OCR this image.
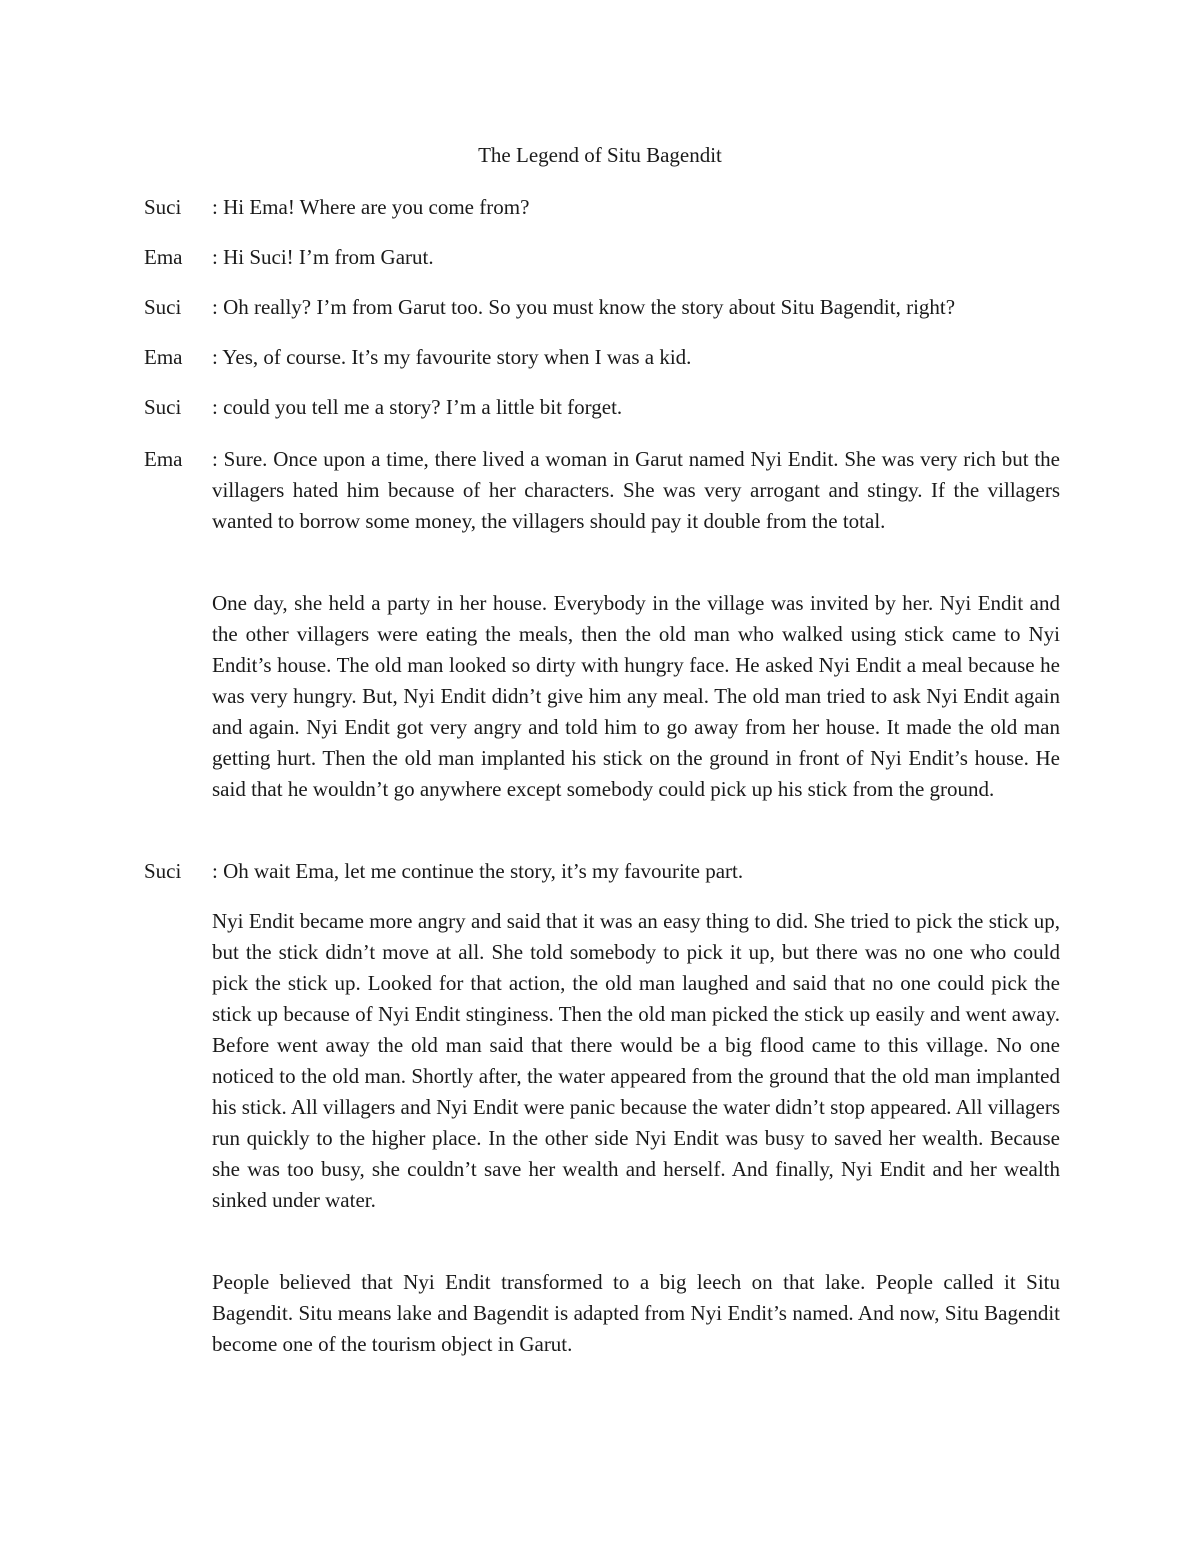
The Legend of Situ Bagendit
Suci	: Hi Ema! Where are you come from?
Ema	: Hi Suci! I’m from Garut.
Suci	: Oh really? I’m from Garut too. So you must know the story about Situ Bagendit, right?
Ema	: Yes, of course. It’s my favourite story when I was a kid.
Suci	: could you tell me a story? I’m a little bit forget.
Ema	: Sure. Once upon a time, there lived a woman in Garut named Nyi Endit. She was very rich but the villagers hated him because of her characters. She was very arrogant and stingy. If the villagers wanted to borrow some money, the villagers should pay it double from the total.
One day, she held a party in her house. Everybody in the village was invited by her. Nyi Endit and the other villagers were eating the meals, then the old man who walked using stick came to Nyi Endit’s house. The old man looked so dirty with hungry face. He asked Nyi Endit a meal because he was very hungry. But, Nyi Endit didn’t give him any meal. The old man tried to ask Nyi Endit again and again. Nyi Endit got very angry and told him to go away from her house. It made the old man getting hurt. Then the old man implanted his stick on the ground in front of Nyi Endit’s house. He said that he wouldn’t go anywhere except somebody could pick up his stick from the ground.
Suci	: Oh wait Ema, let me continue the story, it’s my favourite part.
Nyi Endit became more angry and said that it was an easy thing to did. She tried to pick the stick up, but the stick didn’t move at all. She told somebody to pick it up, but there was no one who could pick the stick up. Looked for that action, the old man laughed and said that no one could pick the stick up because of Nyi Endit stinginess. Then the old man picked the stick up easily and went away. Before went away the old man said that there would be a big flood came to this village. No one noticed to the old man. Shortly after, the water appeared from the ground that the old man implanted his stick. All villagers and Nyi Endit were panic because the water didn’t stop appeared. All villagers run quickly to the higher place. In the other side Nyi Endit was busy to saved her wealth. Because she was too busy, she couldn’t save her wealth and herself. And finally, Nyi Endit and her wealth sinked under water.
People believed that Nyi Endit transformed to a big leech on that lake. People called it Situ Bagendit. Situ means lake and Bagendit is adapted from Nyi Endit’s named. And now, Situ Bagendit become one of the tourism object in Garut.
